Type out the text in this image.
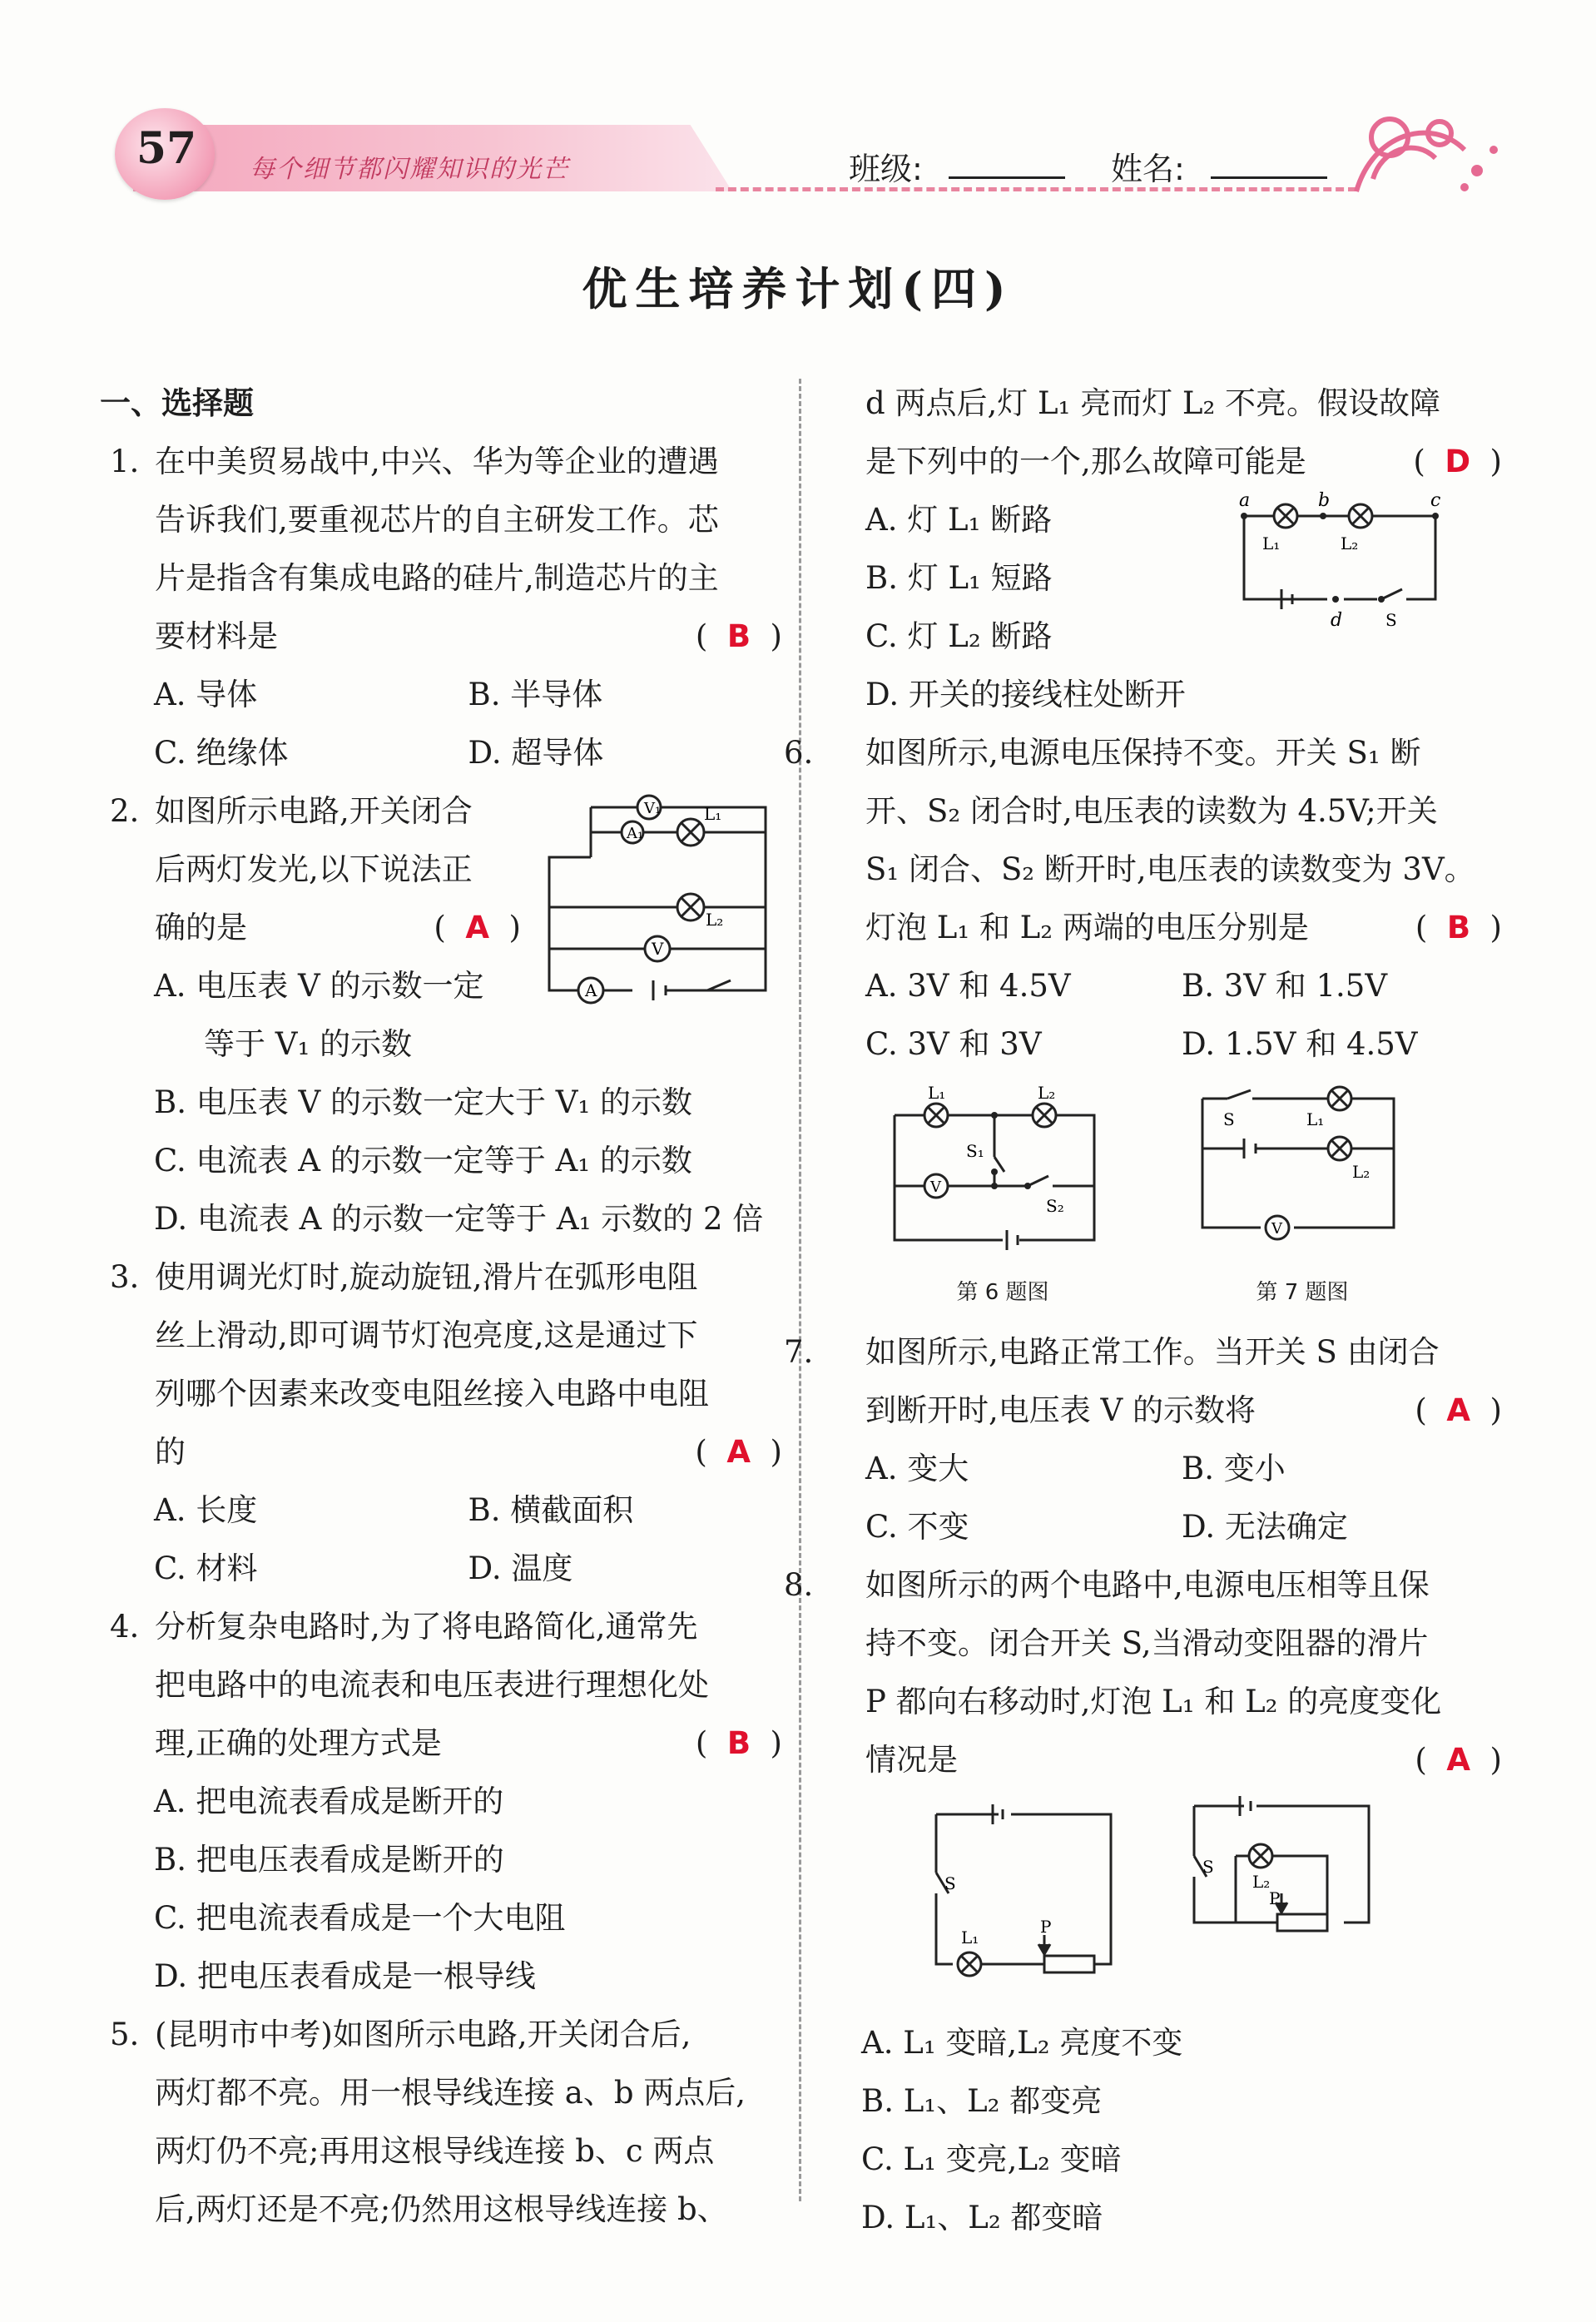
57	每个细节都闪耀知识的光芒	班级:	姓名:
优生培养计划(四)
一、选择题
1. 在中美贸易战中,中兴、华为等企业的遭遇
告诉我们,要重视芯片的自主研发工作。芯
片是指含有集成电路的硅片,制造芯片的主
要材料是	(  B  )
A. 导体	B. 半导体
C. 绝缘体	D. 超导体
2. 如图所示电路,开关闭合
后两灯发光,以下说法正
确的是	(  A  )
A. 电压表 V 的示数一定
等于 V₁ 的示数
V₁
A₁
L₁
L₂
V
A
B. 电压表 V 的示数一定大于 V₁ 的示数
C. 电流表 A 的示数一定等于 A₁ 的示数
D. 电流表 A 的示数一定等于 A₁ 示数的 2 倍
3. 使用调光灯时,旋动旋钮,滑片在弧形电阻
丝上滑动,即可调节灯泡亮度,这是通过下
列哪个因素来改变电阻丝接入电路中电阻
的	(  A  )
A. 长度	B. 横截面积
C. 材料	D. 温度
4. 分析复杂电路时,为了将电路简化,通常先
把电路中的电流表和电压表进行理想化处
理,正确的处理方式是	(  B  )
A. 把电流表看成是断开的
B. 把电压表看成是断开的
C. 把电流表看成是一个大电阻
D. 把电压表看成是一根导线
5. (昆明市中考)如图所示电路,开关闭合后,
两灯都不亮。用一根导线连接 a、b 两点后,
两灯仍不亮;再用这根导线连接 b、c 两点
后,两灯还是不亮;仍然用这根导线连接 b、
d 两点后,灯 L₁ 亮而灯 L₂ 不亮。假设故障
是下列中的一个,那么故障可能是	(  D  )
A. 灯 L₁ 断路
B. 灯 L₁ 短路
C. 灯 L₂ 断路
D. 开关的接线柱处断开
a	b	c
L₁	L₂
d	S
6.	如图所示,电源电压保持不变。开关 S₁ 断
开、S₂ 闭合时,电压表的读数为 4.5V;开关
S₁ 闭合、S₂ 断开时,电压表的读数变为 3V。
灯泡 L₁ 和 L₂ 两端的电压分别是	(  B  )
A. 3V 和 4.5V	B. 3V 和 1.5V
C. 3V 和 3V	D. 1.5V 和 4.5V
L₁	L₂
S₁
V
S₂
第 6 题图
S	L₁
L₂
V
第 7 题图
7.	如图所示,电路正常工作。当开关 S 由闭合
到断开时,电压表 V 的示数将	(  A  )
A. 变大	B. 变小
C. 不变	D. 无法确定
8.	如图所示的两个电路中,电源电压相等且保
持不变。闭合开关 S,当滑动变阻器的滑片
P 都向右移动时,灯泡 L₁ 和 L₂ 的亮度变化
情况是	(  A  )
S
L₁
P
S
L₂
P
A. L₁ 变暗,L₂ 亮度不变
B. L₁、L₂ 都变亮
C. L₁ 变亮,L₂ 变暗
D. L₁、L₂ 都变暗
